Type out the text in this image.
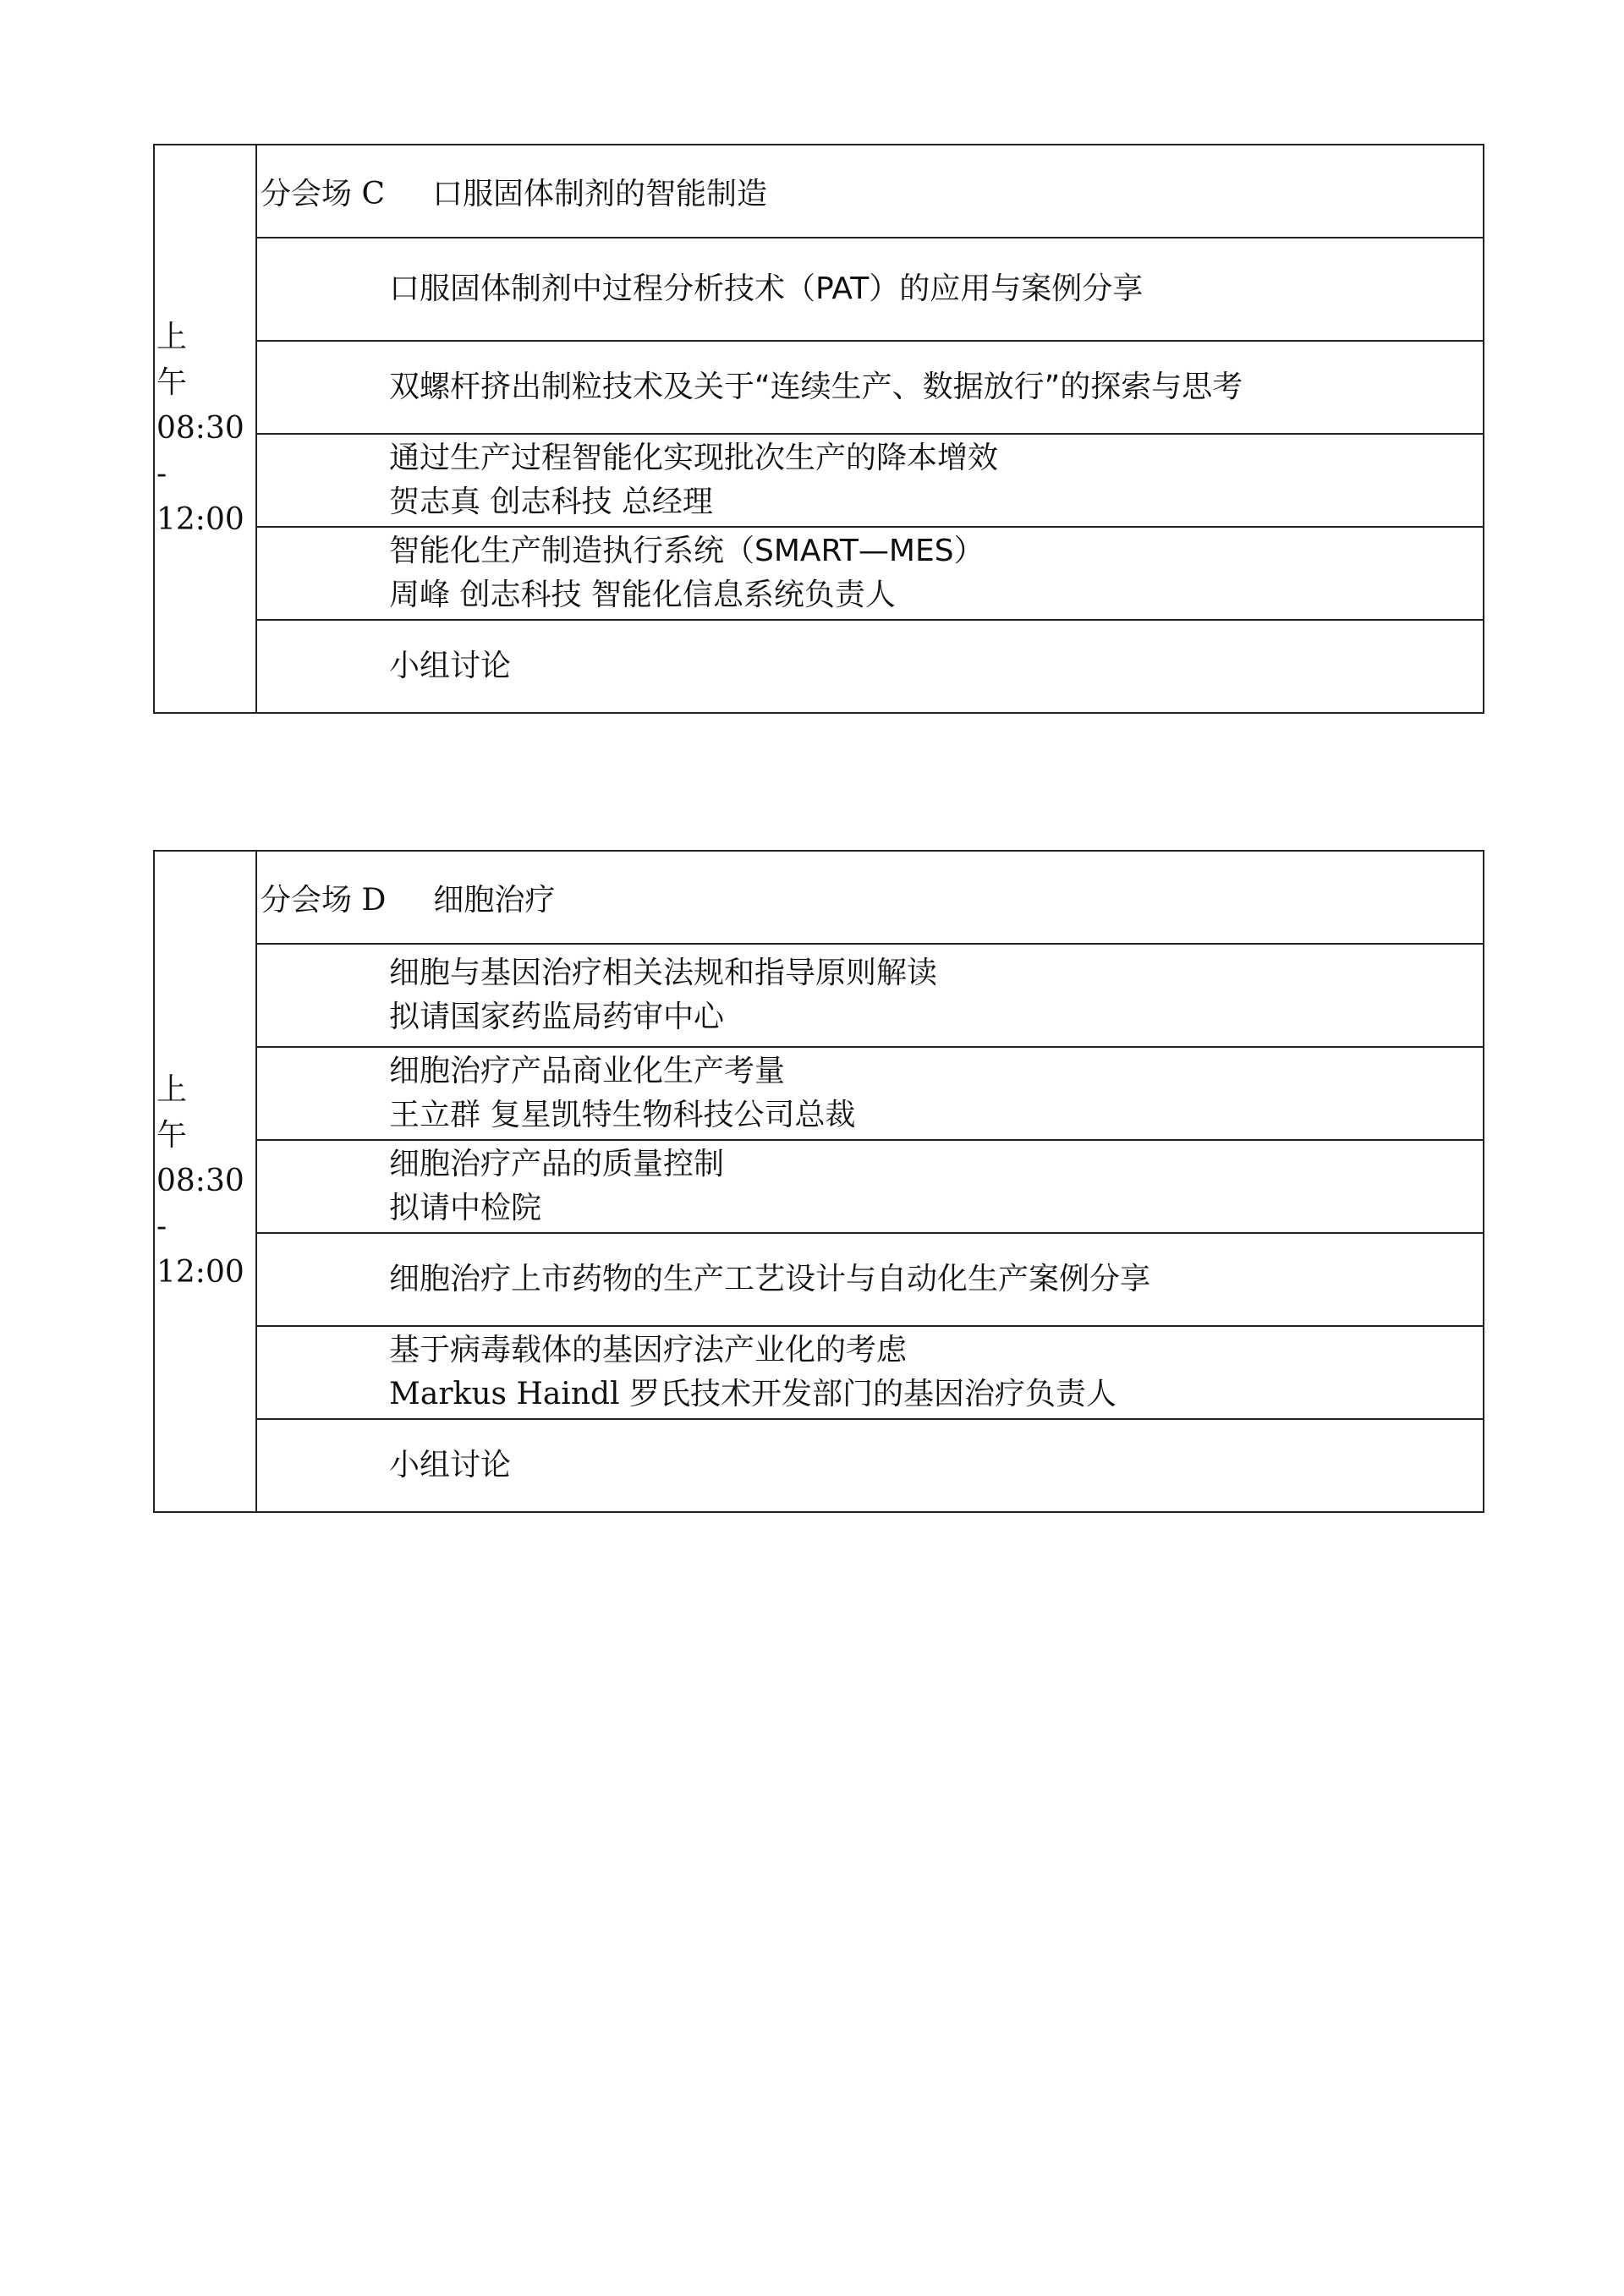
上 午
08:30 -
12:00
	分会场 C 口服固体制剂的智能制造

口服固体制剂中过程分析技术（PAT）的应用与案例分享

双螺杆挤出制粒技术及关于“连续生产、数据放行”的探索与思考

通过生产过程智能化实现批次生产的降本增效
贺志真 创志科技 总经理

智能化生产制造执行系统（SMART—MES）
周峰 创志科技 智能化信息系统负责人

小组讨论
上 午
08:30 -
12:00
	分会场 D 细胞治疗

细胞与基因治疗相关法规和指导原则解读
拟请国家药监局药审中心

细胞治疗产品商业化生产考量
王立群 复星凯特生物科技公司总裁

细胞治疗产品的质量控制
拟请中检院

细胞治疗上市药物的生产工艺设计与自动化生产案例分享

基于病毒载体的基因疗法产业化的考虑
Markus Haindl 罗氏技术开发部门的基因治疗负责人

小组讨论
